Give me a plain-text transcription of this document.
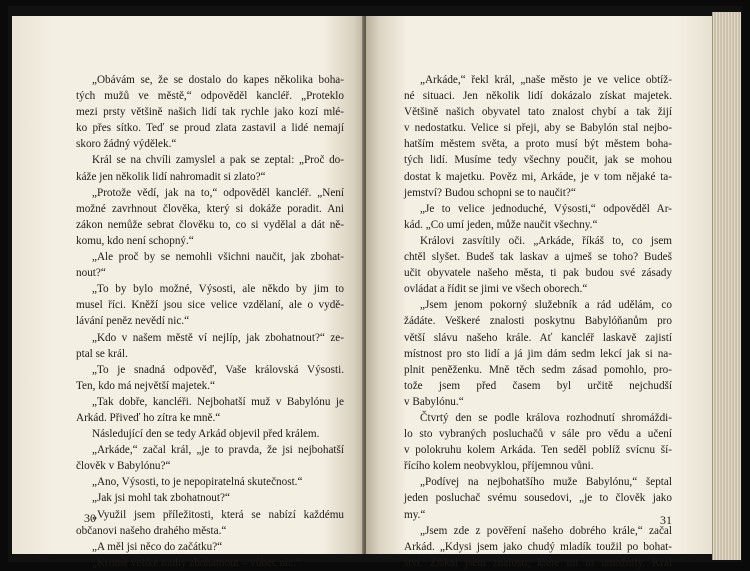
„Obávám se, že se dostalo do kapes několika boha-
tých mužů ve městě,“ odpověděl kancléř. „Proteklo
mezi prsty většině našich lidí tak rychle jako kozí mlé-
ko přes sítko. Teď se proud zlata zastavil a lidé nemají
skoro žádný výdělek.“
Král se na chvíli zamyslel a pak se zeptal: „Proč do-
káže jen několik lidí nahromadit si zlato?“
„Protože vědí, jak na to,“ odpověděl kancléř. „Není
možné zavrhnout člověka, který si dokáže poradit. Ani
zákon nemůže sebrat člověku to, co si vydělal a dát ně-
komu, kdo není schopný.“
„Ale proč by se nemohli všichni naučit, jak zbohat-
nout?“
„To by bylo možné, Výsosti, ale někdo by jim to
musel říci. Kněží jsou sice velice vzdělaní, ale o vydě-
lávání peněz nevědí nic.“
„Kdo v našem městě ví nejlíp, jak zbohatnout?“ ze-
ptal se král.
„To je snadná odpověď, Vaše královská Výsosti.
Ten, kdo má největší majetek.“
„Tak dobře, kancléři. Nejbohatší muž v Babylónu je
Arkád. Přiveď ho zítra ke mně.“
Následující den se tedy Arkád objevil před králem.
„Arkáde,“ začal král, „je to pravda, že jsi nejbohatší
člověk v Babylónu?“
„Ano, Výsosti, to je nepopiratelná skutečnost.“
„Jak jsi mohl tak zbohatnout?“
„Využil jsem příležitosti, která se nabízí každému
občanovi našeho drahého města.“
„A měl jsi něco do začátku?“
„Kromě veliké touhy zbohatnout – vůbec nic.“
30
„Arkáde,“ řekl král, „naše město je ve velice obtíž-
né situaci. Jen několik lidí dokázalo získat majetek.
Většině našich obyvatel tato znalost chybí a tak žijí
v nedostatku. Velice si přeji, aby se Babylón stal nejbo-
hatším městem světa, a proto musí být městem boha-
tých lidí. Musíme tedy všechny poučit, jak se mohou
dostat k majetku. Pověz mi, Arkáde, je v tom nějaké ta-
jemství? Budou schopni se to naučit?“
„Je to velice jednoduché, Výsosti,“ odpověděl Ar-
kád. „Co umí jeden, může naučit všechny.“
Královi zasvítily oči. „Arkáde, říkáš to, co jsem
chtěl slyšet. Budeš tak laskav a ujmeš se toho? Budeš
učit obyvatele našeho města, ti pak budou své zásady
ovládat a řídit se jimi ve všech oborech.“
„Jsem jenom pokorný služebník a rád udělám, co
žádáte. Veškeré znalosti poskytnu Babylóňanům pro
větší slávu našeho krále. Ať kancléř laskavě zajistí
místnost pro sto lidí a já jim dám sedm lekcí jak si na-
plnit peněženku. Mně těch sedm zásad pomohlo, pro-
tože jsem před časem byl určitě nejchudší
v Babylónu.“
Čtvrtý den se podle králova rozhodnutí shromáždi-
lo sto vybraných posluchačů v sále pro vědu a učení
v polokruhu kolem Arkáda. Ten seděl poblíž svícnu ší-
řícího kolem neobvyklou, příjemnou vůni.
„Podívej na nejbohatšího muže Babylónu,“ šeptal
jeden posluchač svému sousedovi, „je to člověk jako
my.“
„Jsem zde z pověření našeho dobrého krále,“ začal
Arkád. „Kdysi jsem jako chudý mladík toužil po bohat-
ství. Získal jsem znalosti, které mi to umožnily. Král
31
